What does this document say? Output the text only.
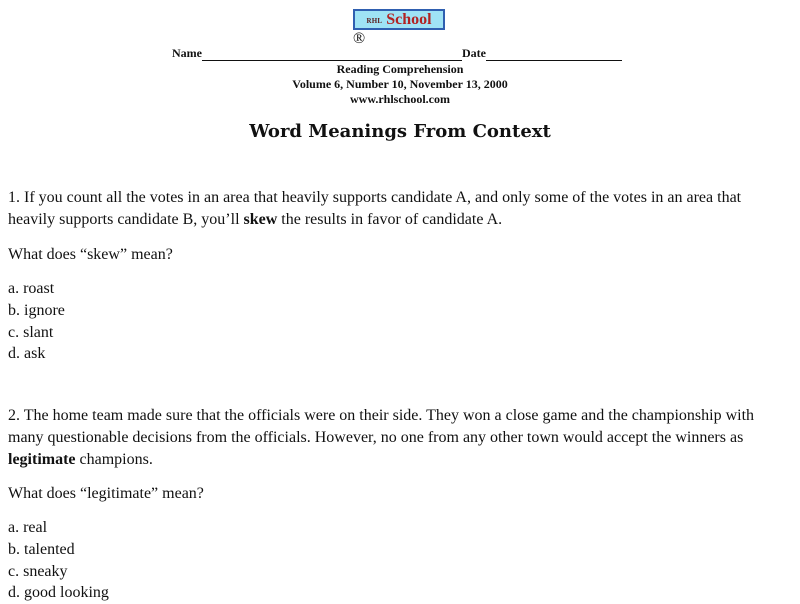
RHL School
®
Name	Date
Reading Comprehension
Volume 6, Number 10, November 13, 2000
www.rhlschool.com
Word Meanings From Context
1. If you count all the votes in an area that heavily supports candidate A, and only some of the votes in an area that heavily supports candidate B, you’ll skew the results in favor of candidate A.
What does “skew” mean?
a. roast
b. ignore
c. slant
d. ask
2. The home team made sure that the officials were on their side. They won a close game and the championship with many questionable decisions from the officials. However, no one from any other town would accept the winners as legitimate champions.
What does “legitimate” mean?
a. real
b. talented
c. sneaky
d. good looking
